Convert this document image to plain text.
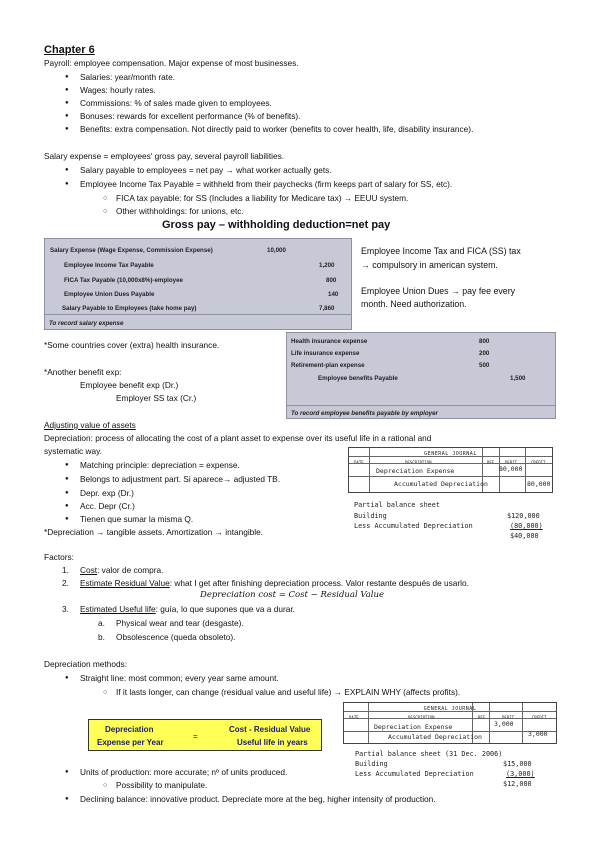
Chapter 6
Payroll: employee compensation. Major expense of most businesses.
● Salaries: year/month rate.
● Wages: hourly rates.
● Commissions: % of sales made given to employees.
● Bonuses: rewards for excellent performance (% of benefits).
● Benefits: extra compensation. Not directly paid to worker (benefits to cover health, life, disability insurance).
Salary expense = employees' gross pay, several payroll liabilities.
● Salary payable to employees = net pay → what worker actually gets.
● Employee Income Tax Payable = withheld from their paychecks (firm keeps part of salary for SS, etc).
○ FICA tax payable: for SS (Includes a liability for Medicare tax) → EEUU system.
○ Other withholdings: for unions, etc.
Gross pay – withholding deduction=net pay
Salary Expense (Wage Expense, Commission Expense)	10,000
Employee Income Tax Payable	1,200
FICA Tax Payable (10,000x8%)-employee	800
Employee Union Dues Payable	140
Salary Payable to Employees (take home pay)	7,860
To record salary expense
Employee Income Tax and FICA (SS) tax
→ compulsory in american system.
Employee Union Dues → pay fee every
month. Need authorization.
Health insurance expense	800
Life insurance expense	200
Retirement-plan expense	500
Employee benefits Payable	1,500
To record employee benefits payable by employer
*Some countries cover (extra) health insurance.
*Another benefit exp:
Employee benefit exp (Dr.)
Employer SS tax (Cr.)
Adjusting value of assets
Depreciation: process of allocating the cost of a plant asset to expense over its useful life in a rational and
systematic way.
● Matching principle: depreciation = expense.
● Belongs to adjustment part. Si aparece→ adjusted TB.
● Depr. exp (Dr.)
● Acc. Depr (Cr.)
● Tienen que sumar la misma Q.
*Depreciation → tangible assets. Amortization → intangible.
GENERAL JOURNAL
DATE	DESCRIPTION	REF	DEBIT	CREDIT
Depreciation Expense	80,000
Accumulated Depreciation	80,000
Partial balance sheet
Building	$120,000
Less Accumulated Depreciation	(80,000)
$40,000
Factors:
1. Cost: valor de compra.
2. Estimate Residual Value: what I get after finishing depreciation process. Valor restante después de usarlo.
Depreciation cost = Cost − Residual Value
3. Estimated Useful life: guía, lo que supones que va a durar.
a. Physical wear and tear (desgaste).
b. Obsolescence (queda obsoleto).
Depreciation methods:
● Straight line: most common; every year same amount.
○ If it lasts longer, can change (residual value and useful life) → EXPLAIN WHY (affects profits).
Depreciation
Expense per Year
=
Cost - Residual Value
Useful life in years
GENERAL JOURNAL
DATE	DESCRIPTION	REF	DEBIT	CREDIT
Depreciation Expense	3,000
Accumulated Depreciation	3,000
Partial balance sheet (31 Dec. 2006)
Building	$15,000
Less Accumulated Depreciation	(3,000)
$12,000
● Units of production: more accurate; nº of units produced.
○ Possibility to manipulate.
● Declining balance: innovative product. Depreciate more at the beg, higher intensity of production.
